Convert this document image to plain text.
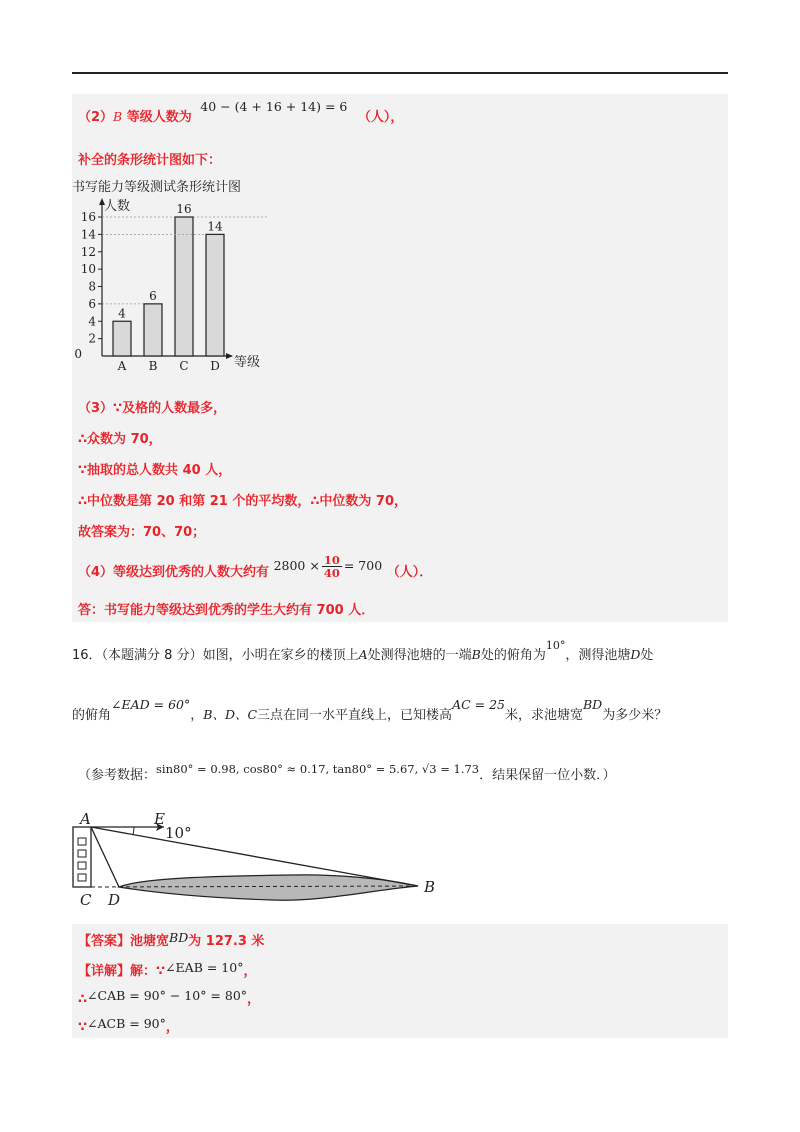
（2）B 等级人数为 40 − (4 + 16 + 14) = 6 （人），
补全的条形统计图如下：
书写能力等级测试条形统计图
人数
等级
0
2
4
6
8
10
12
14
16
4
A
6
B
16
C
14
D
（3）∵及格的人数最多，
∴众数为 70，
∵抽取的总人数共 40 人，
∴中位数是第 20 和第 21 个的平均数，∴中位数为 70，
故答案为：70、70；
（4）等级达到优秀的人数大约有 $2800 \times \frac{10}{40} = 700$ （人）．
答：书写能力等级达到优秀的学生大约有 700 人．
16．（本题满分 8 分）如图，小明在家乡的楼顶上A处测得池塘的一端B处的俯角为$^{10^\circ}$，测得池塘D处
的俯角∠EAD = 60°，B、D、C三点在同一水平直线上，已知楼高AC = 25米，求池塘宽BD为多少米？
（参考数据：sin80° = 0.98, cos80° ≈ 0.17, tan80° = 5.67, √3 = 1.73．结果保留一位小数．）
A	E
10°
C D
B
【答案】池塘宽BD为 127.3 米
【详解】解：∵∠EAB = 10°，
∴∠CAB = 90° − 10° = 80°，
∵∠ACB = 90°，
